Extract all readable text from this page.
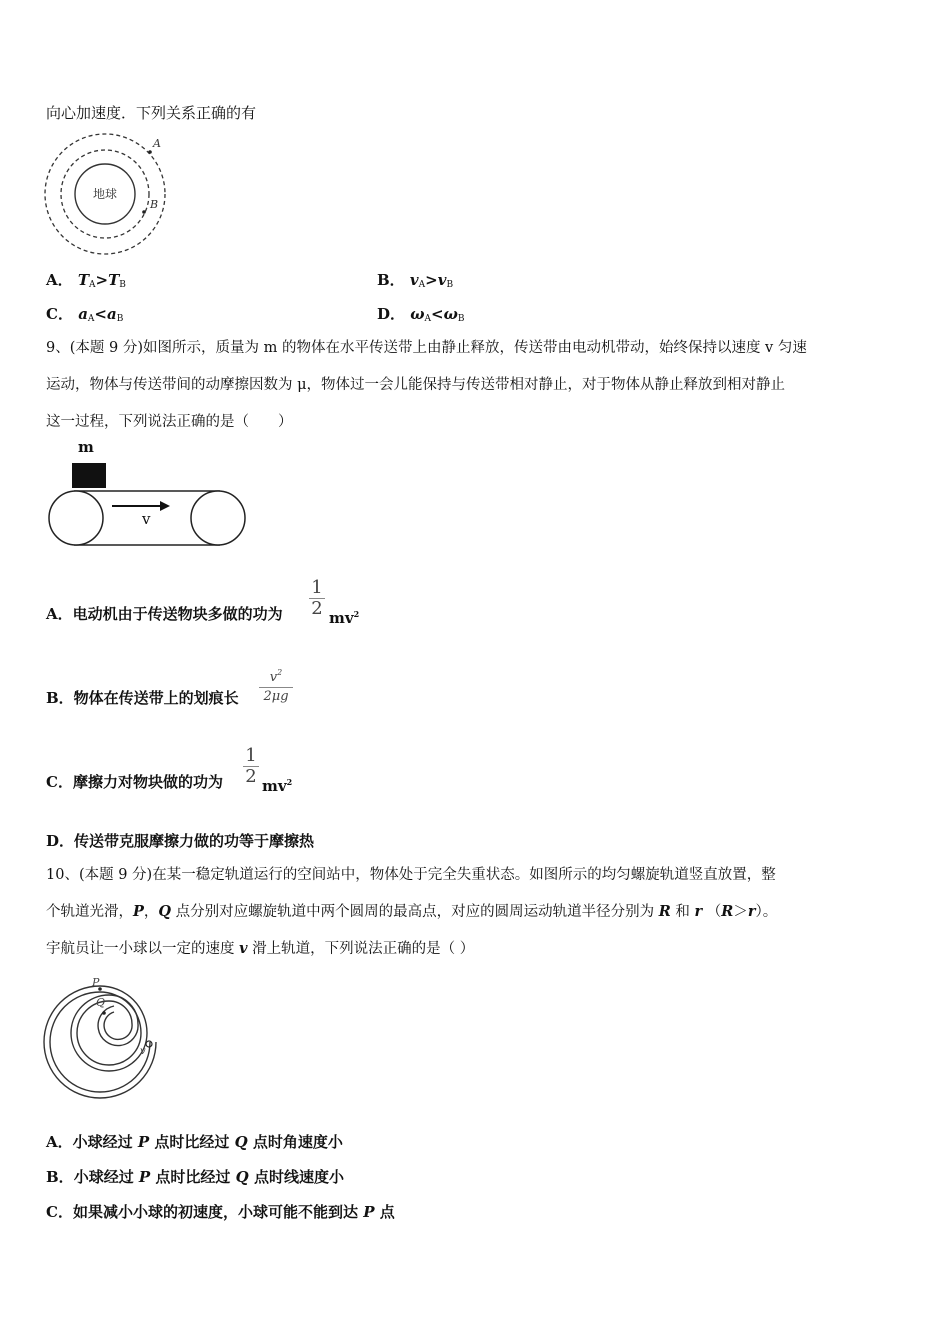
向心加速度．下列关系正确的有
地球
A
B
A． $T_A>T_B$	B． $v_A>v_B$
C． $a_A<a_B$	D． $\omega_A<\omega_B$
9、(本题 9 分)如图所示，质量为 m 的物体在水平传送带上由静止释放，传送带由电动机带动，始终保持以速度 v 匀速
运动，物体与传送带间的动摩擦因数为 μ，物体过一会儿能保持与传送带相对静止，对于物体从静止释放到相对静止
这一过程，下列说法正确的是（　　）
m
v
A．电动机由于传送物块多做的功为
1
2 $mv^2$
B．物体在传送带上的划痕长
$v^2$
2μg
C．摩擦力对物块做的功为
1
2 $mv^2$
D．传送带克服摩擦力做的功等于摩擦热
10、(本题 9 分)在某一稳定轨道运行的空间站中，物体处于完全失重状态。如图所示的均匀螺旋轨道竖直放置，整
个轨道光滑，P，Q 点分别对应螺旋轨道中两个圆周的最高点，对应的圆周运动轨道半径分别为 R 和 r （R＞r）。
宇航员让一小球以一定的速度 v 滑上轨道，下列说法正确的是（ ）
P
Q
v
A．小球经过 P 点时比经过 Q 点时角速度小
B．小球经过 P 点时比经过 Q 点时线速度小
C．如果减小小球的初速度，小球可能不能到达 P 点
